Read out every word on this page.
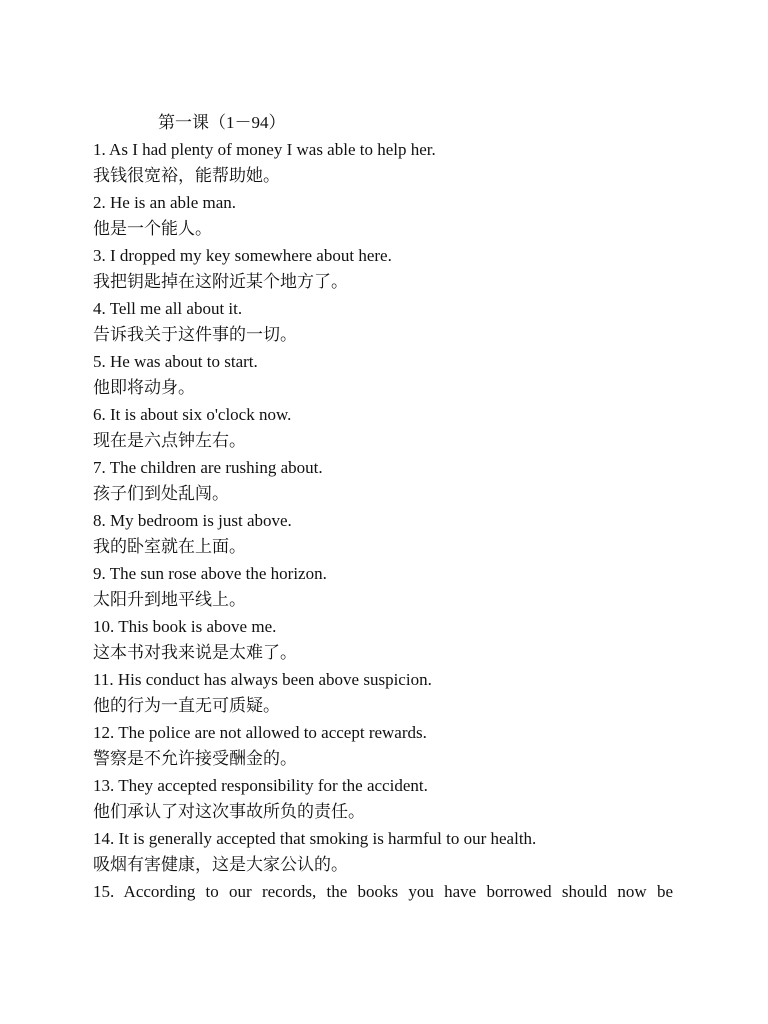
第一课（1－94）
1. As I had plenty of money I was able to help her.
我钱很宽裕，能帮助她。
2. He is an able man.
他是一个能人。
3. I dropped my key somewhere about here.
我把钥匙掉在这附近某个地方了。
4. Tell me all about it.
告诉我关于这件事的一切。
5. He was about to start.
他即将动身。
6. It is about six o'clock now.
现在是六点钟左右。
7. The children are rushing about.
孩子们到处乱闯。
8. My bedroom is just above.
我的卧室就在上面。
9. The sun rose above the horizon.
太阳升到地平线上。
10. This book is above me.
这本书对我来说是太难了。
11. His conduct has always been above suspicion.
他的行为一直无可质疑。
12. The police are not allowed to accept rewards.
警察是不允许接受酬金的。
13. They accepted responsibility for the accident.
他们承认了对这次事故所负的责任。
14. It is generally accepted that smoking is harmful to our health.
吸烟有害健康，这是大家公认的。
15. According to our records, the books you have borrowed should now be
